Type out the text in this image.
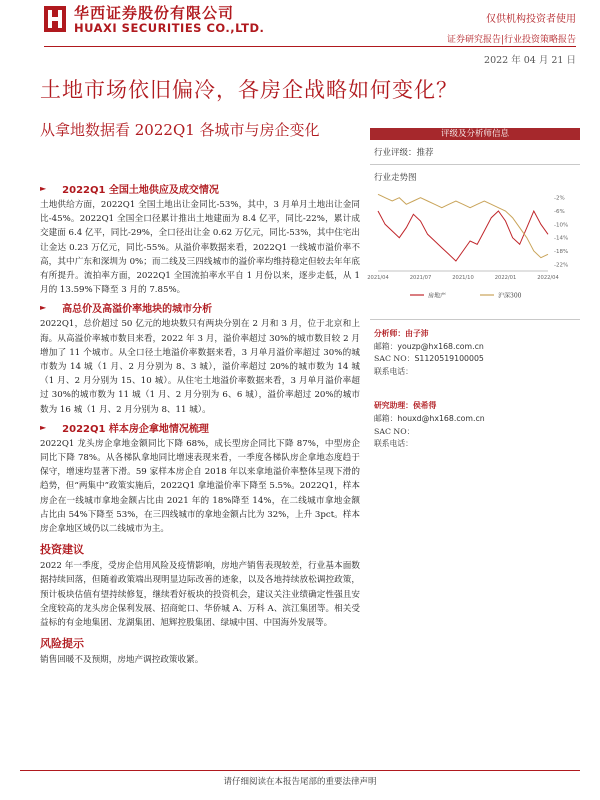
华西证券股份有限公司
HUAXI SECURITIES CO.,LTD.
仅供机构投资者使用
证券研究报告|行业投资策略报告
2022 年 04 月 21 日
土地市场依旧偏冷，各房企战略如何变化？
从拿地数据看 2022Q1 各城市与房企变化
► 2022Q1 全国土地供应及成交情况
土地供给方面，2022Q1 全国土地出让金同比-53%，其中，3 月单月土地出让金同比-45%。2022Q1 全国全口径累计推出土地建面为 8.4 亿平，同比-22%，累计成交建面 6.4 亿平，同比-29%，全口径出让金 0.62 万亿元，同比-53%，其中住宅出让金达 0.23 万亿元，同比-55%。从溢价率数据来看，2022Q1 一线城市溢价率不高，其中广东和深圳为 0%；而二线及三四线城市的溢价率均维持稳定但较去年年底有所提升。流拍率方面，2022Q1 全国流拍率水平自 1 月份以来，逐步走低，从 1 月的 13.59%下降至 3 月的 7.85%。
► 高总价及高溢价率地块的城市分析
2022Q1，总价超过 50 亿元的地块数只有两块分别在 2 月和 3 月，位于北京和上海。从高溢价率城市数目来看，2022 年 3 月，溢价率超过 30%的城市数目较 2 月增加了 11 个城市。从全口径土地溢价率数据来看，3 月单月溢价率超过 30%的城市数为 14 城（1 月、2 月分别为 8、3 城），溢价率超过 20%的城市数为 14 城（1 月、2 月分别为 15、10 城）。从住宅土地溢价率数据来看，3 月单月溢价率超过 30%的城市数为 11 城（1 月、2 月分别为 6、6 城），溢价率超过 20%的城市数为 16 城（1 月、2 月分别为 8、11 城）。
► 2022Q1 样本房企拿地情况梳理
2022Q1 龙头房企拿地金额同比下降 68%，成长型房企同比下降 87%，中型房企同比下降 78%。从各梯队拿地同比增速表现来看，一季度各梯队房企拿地态度趋于保守，增速均显著下滑。59 家样本房企自 2018 年以来拿地溢价率整体呈现下滑的趋势，但“两集中”政策实施后，2022Q1 拿地溢价率下降至 5.5%。2022Q1，样本房企在一线城市拿地金额占比由 2021 年的 18%降至 14%，在二线城市拿地金额占比由 54%下降至 53%，在三四线城市的拿地金额占比为 32%，上升 3pct。样本房企拿地区域仍以二线城市为主。
投资建议
2022 年一季度，受房企信用风险及疫情影响，房地产销售表现较差，行业基本面数据持续回落，但随着政策端出现明显边际改善的迹象，以及各地持续放松调控政策，预计板块估值有望持续修复，继续看好板块的投资机会，建议关注业绩确定性强且安全度较高的龙头房企保利发展、招商蛇口、华侨城 A、万科 A、滨江集团等。相关受益标的有金地集团、龙湖集团、旭辉控股集团、绿城中国、中国海外发展等。
风险提示
销售回暖不及预期，房地产调控政策收紧。
评级及分析师信息
行业评级：推荐
行业走势图
-2%
-6%
-10%
-14%
-18%
-22%
2021/04	2021/07	2021/10	2022/01	2022/04
房地产	沪深300
分析师：由子沛
邮箱：youzp@hx168.com.cn
SAC NO：S1120519100005
联系电话：
研究助理：侯希得
邮箱：houxd@hx168.com.cn
SAC NO：
联系电话：
请仔细阅读在本报告尾部的重要法律声明
